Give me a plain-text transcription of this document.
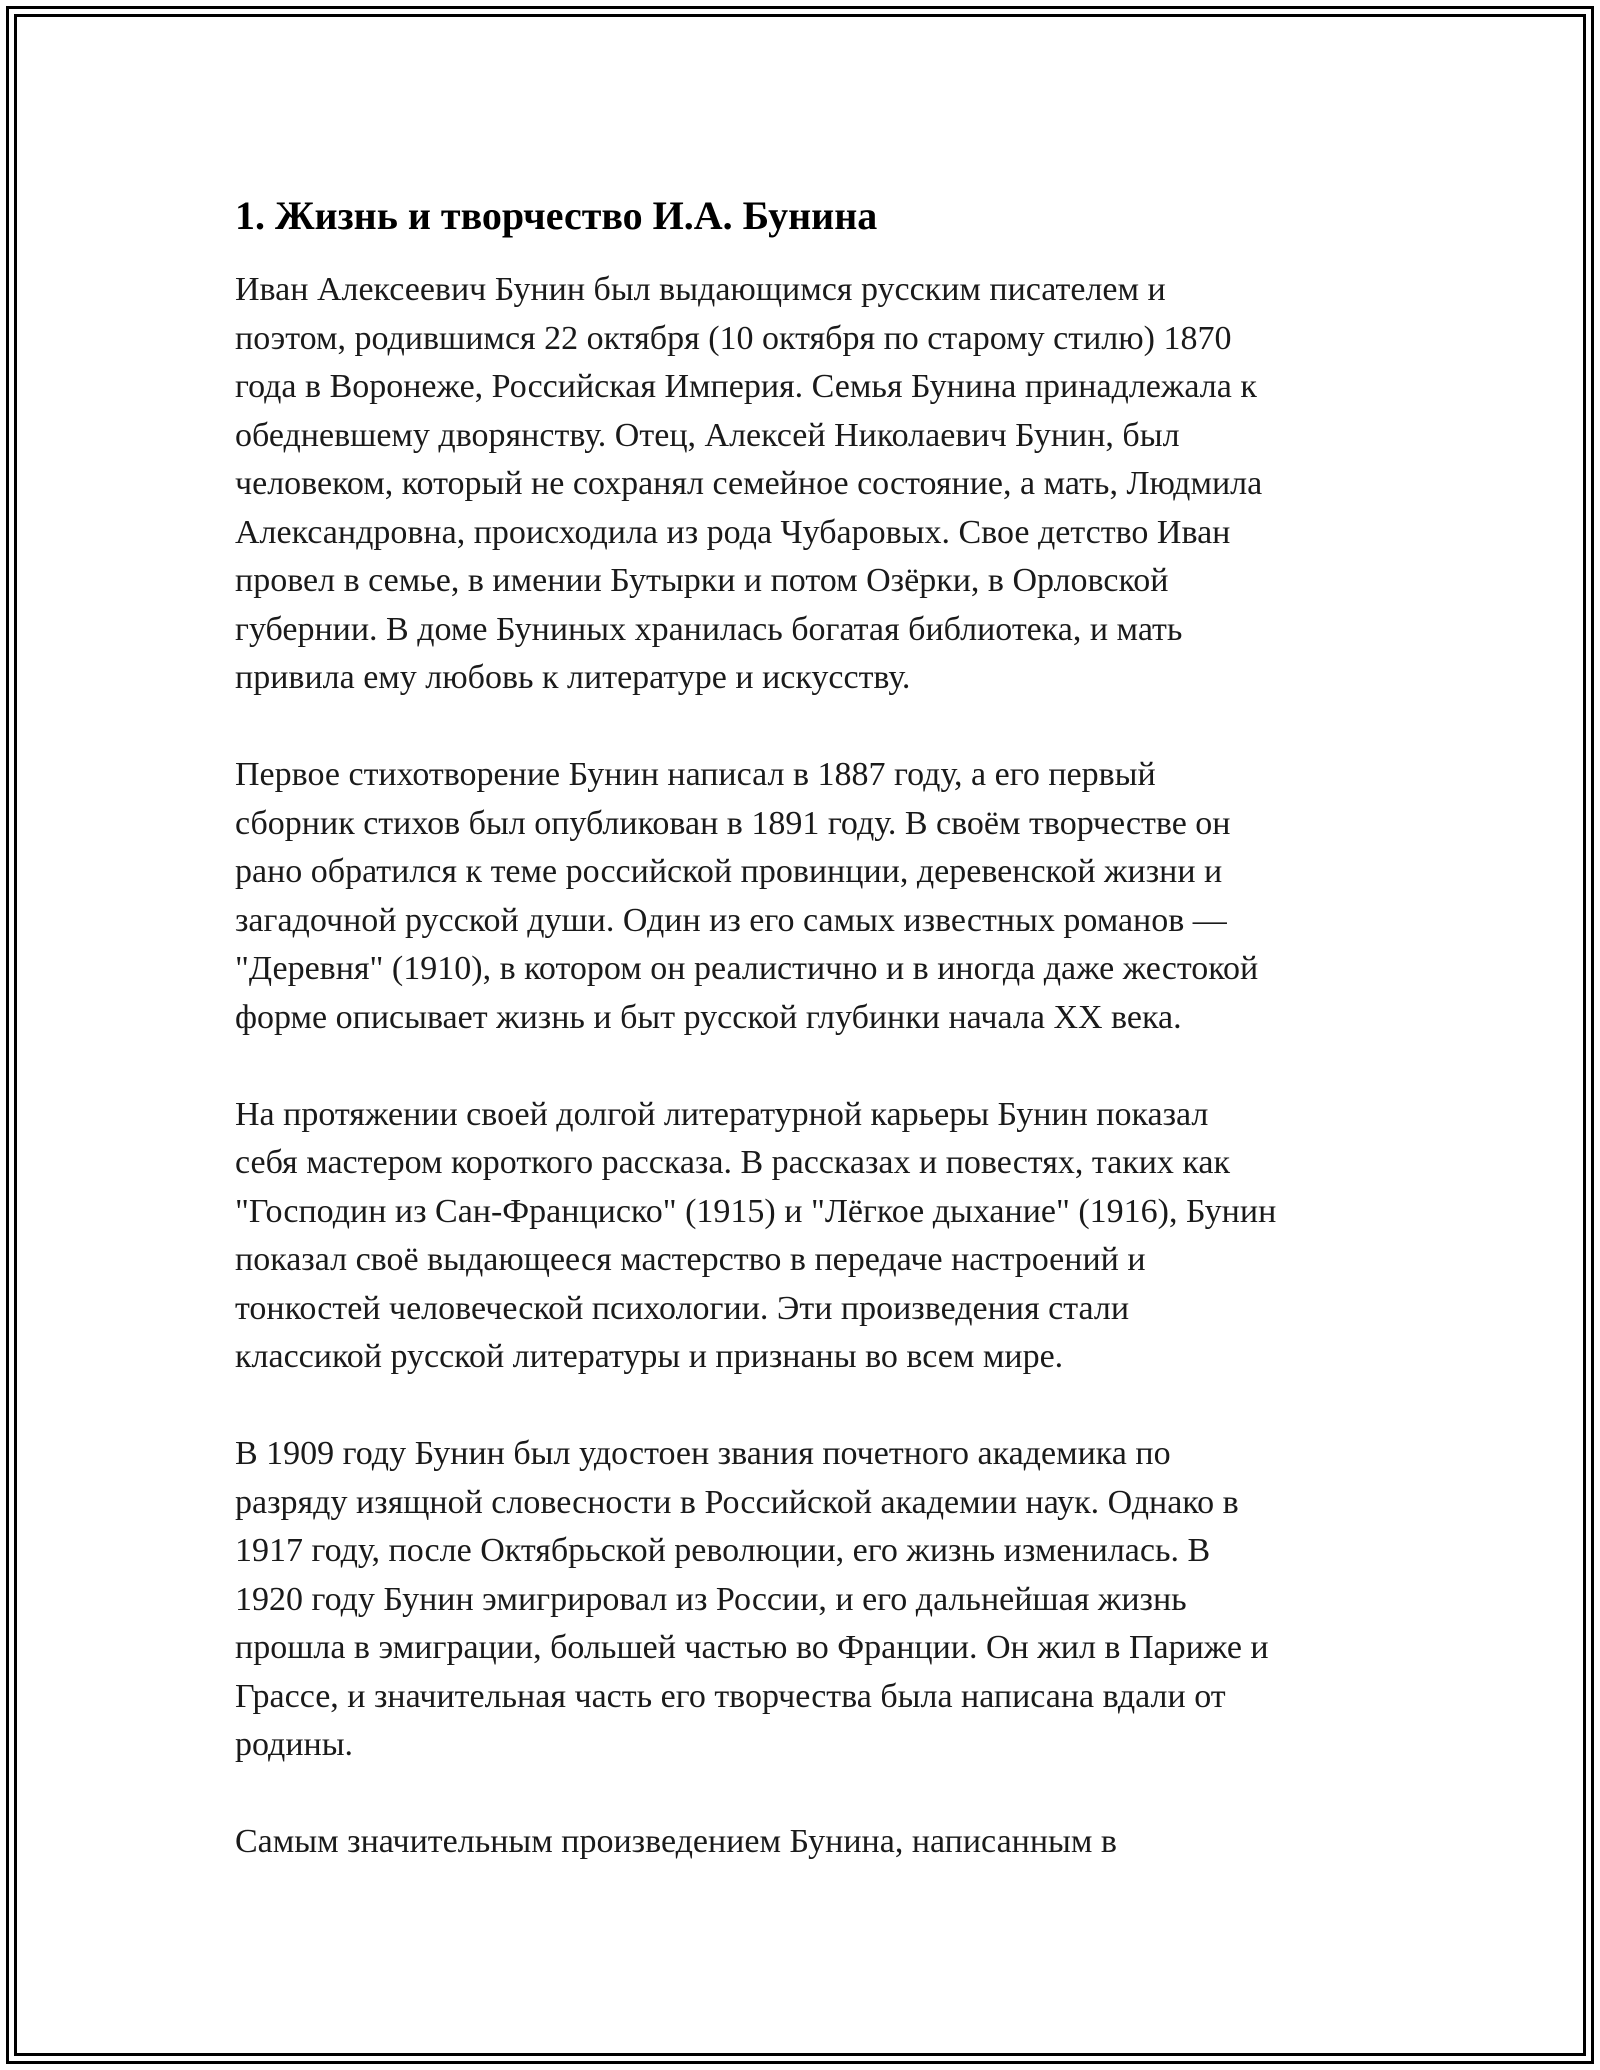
1. Жизнь и творчество И.А. Бунина
Иван Алексеевич Бунин был выдающимся русским писателем и
поэтом, родившимся 22 октября (10 октября по старому стилю) 1870
года в Воронеже, Российская Империя. Семья Бунина принадлежала к
обедневшему дворянству. Отец, Алексей Николаевич Бунин, был
человеком, который не сохранял семейное состояние, а мать, Людмила
Александровна, происходила из рода Чубаровых. Свое детство Иван
провел в семье, в имении Бутырки и потом Озёрки, в Орловской
губернии. В доме Буниных хранилась богатая библиотека, и мать
привила ему любовь к литературе и искусству.
Первое стихотворение Бунин написал в 1887 году, а его первый
сборник стихов был опубликован в 1891 году. В своём творчестве он
рано обратился к теме российской провинции, деревенской жизни и
загадочной русской души. Один из его самых известных романов —
"Деревня" (1910), в котором он реалистично и в иногда даже жестокой
форме описывает жизнь и быт русской глубинки начала XX века.
На протяжении своей долгой литературной карьеры Бунин показал
себя мастером короткого рассказа. В рассказах и повестях, таких как
"Господин из Сан-Франциско" (1915) и "Лёгкое дыхание" (1916), Бунин
показал своё выдающееся мастерство в передаче настроений и
тонкостей человеческой психологии. Эти произведения стали
классикой русской литературы и признаны во всем мире.
В 1909 году Бунин был удостоен звания почетного академика по
разряду изящной словесности в Российской академии наук. Однако в
1917 году, после Октябрьской революции, его жизнь изменилась. В
1920 году Бунин эмигрировал из России, и его дальнейшая жизнь
прошла в эмиграции, большей частью во Франции. Он жил в Париже и
Грассе, и значительная часть его творчества была написана вдали от
родины.
Самым значительным произведением Бунина, написанным в
